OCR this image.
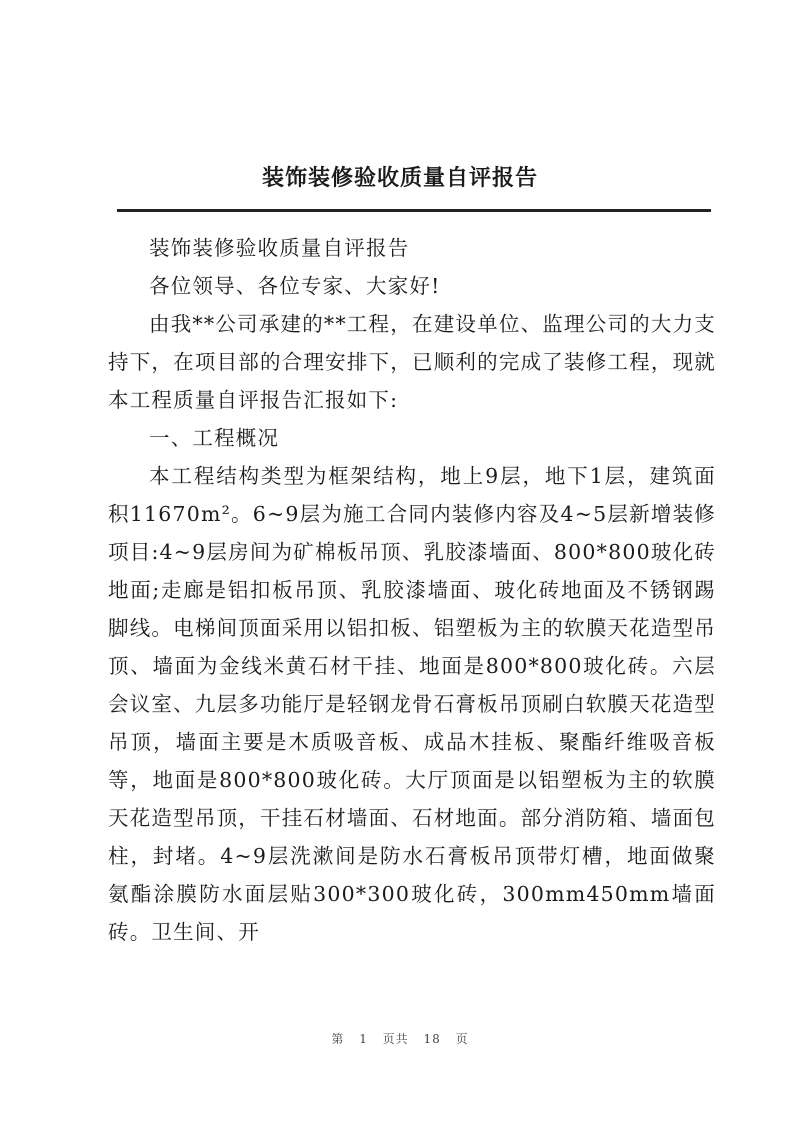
装饰装修验收质量自评报告

装饰装修验收质量自评报告

各位领导、各位专家、大家好!

由我**公司承建的**工程，在建设单位、监理公司的大力支持下，在项目部的合理安排下，已顺利的完成了装修工程，现就本工程质量自评报告汇报如下:

一、工程概况

本工程结构类型为框架结构，地上9层，地下1层，建筑面积11670m²。6~9层为施工合同内装修内容及4~5层新增装修项目:4~9层房间为矿棉板吊顶、乳胶漆墙面、800*800玻化砖地面;走廊是铝扣板吊顶、乳胶漆墙面、玻化砖地面及不锈钢踢脚线。电梯间顶面采用以铝扣板、铝塑板为主的软膜天花造型吊顶、墙面为金线米黄石材干挂、地面是800*800玻化砖。六层会议室、九层多功能厅是轻钢龙骨石膏板吊顶刷白软膜天花造型吊顶，墙面主要是木质吸音板、成品木挂板、聚酯纤维吸音板等，地面是800*800玻化砖。大厅顶面是以铝塑板为主的软膜天花造型吊顶，干挂石材墙面、石材地面。部分消防箱、墙面包柱，封堵。4~9层洗漱间是防水石膏板吊顶带灯槽，地面做聚氨酯涂膜防水面层贴300*300玻化砖，300mm450mm墙面砖。卫生间、开

第 1 页共 18 页
